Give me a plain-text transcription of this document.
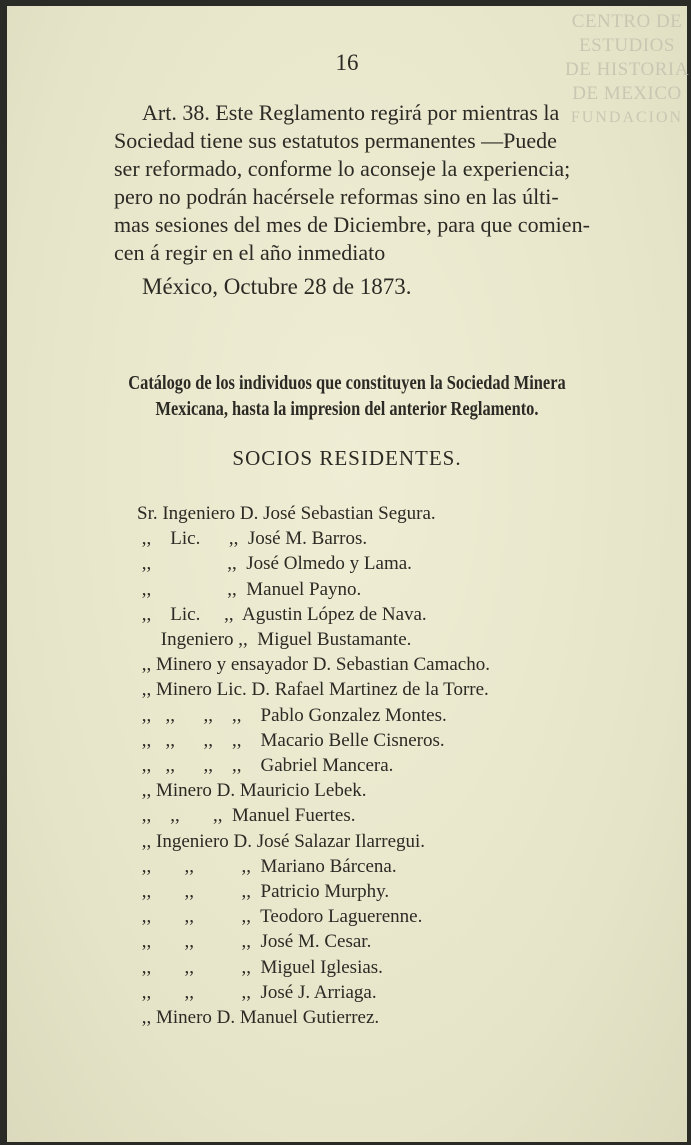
CENTRO DE
ESTUDIOS
DE HISTORIA
DE MEXICO
FUNDACION
16
Art. 38. Este Reglamento regirá por mientras la
Sociedad tiene sus estatutos permanentes —Puede
ser reformado, conforme lo aconseje la experiencia;
pero no podrán hacérsele reformas sino en las últi-
mas sesiones del mes de Diciembre, para que comien-
cen á regir en el año inmediato
México, Octubre 28 de 1873.
Catálogo de los individuos que constituyen la Sociedad Minera
Mexicana, hasta la impresion del anterior Reglamento.
SOCIOS RESIDENTES.
Sr. Ingeniero D. José Sebastian Segura.
,,    Lic.      ,,  José M. Barros.
,,                ,,  José Olmedo y Lama.
,,                ,,  Manuel Payno.
,,    Lic.     ,,  Agustin López de Nava.
Ingeniero ,,  Miguel Bustamante.
,, Minero y ensayador D. Sebastian Camacho.
,, Minero Lic. D. Rafael Martinez de la Torre.
,,   ,,      ,,    ,,    Pablo Gonzalez Montes.
,,   ,,      ,,    ,,    Macario Belle Cisneros.
,,   ,,      ,,    ,,    Gabriel Mancera.
,, Minero D. Mauricio Lebek.
,,    ,,       ,,  Manuel Fuertes.
,, Ingeniero D. José Salazar Ilarregui.
,,       ,,          ,,  Mariano Bárcena.
,,       ,,          ,,  Patricio Murphy.
,,       ,,          ,,  Teodoro Laguerenne.
,,       ,,          ,,  José M. Cesar.
,,       ,,          ,,  Miguel Iglesias.
,,       ,,          ,,  José J. Arriaga.
,, Minero D. Manuel Gutierrez.
